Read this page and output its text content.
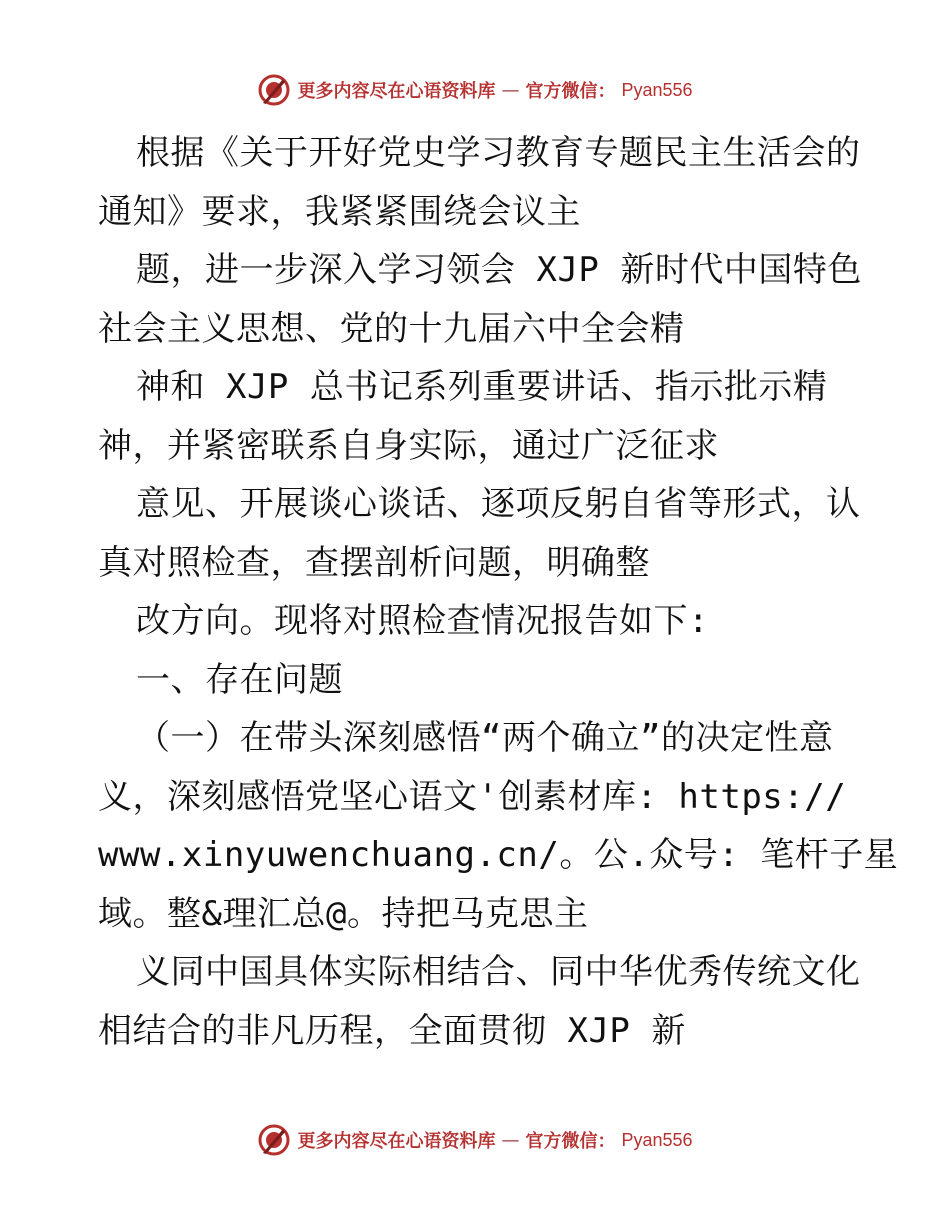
更多内容尽在心语资料库 — 官方微信： Pyan556
根据《关于开好党史学习教育专题民主生活会的
通知》要求，我紧紧围绕会议主
题，进一步深入学习领会 XJP 新时代中国特色
社会主义思想、党的十九届六中全会精
神和 XJP 总书记系列重要讲话、指示批示精
神，并紧密联系自身实际，通过广泛征求
意见、开展谈心谈话、逐项反躬自省等形式，认
真对照检查，查摆剖析问题，明确整
改方向。现将对照检查情况报告如下:
一、存在问题
（一）在带头深刻感悟“两个确立”的决定性意
义，深刻感悟党坚心语文'创素材库: https://
www.xinyuwenchuang.cn/。公.众号: 笔杆子星
域。整&理汇总@。持把马克思主
义同中国具体实际相结合、同中华优秀传统文化
相结合的非凡历程，全面贯彻 XJP 新
更多内容尽在心语资料库 — 官方微信： Pyan556
